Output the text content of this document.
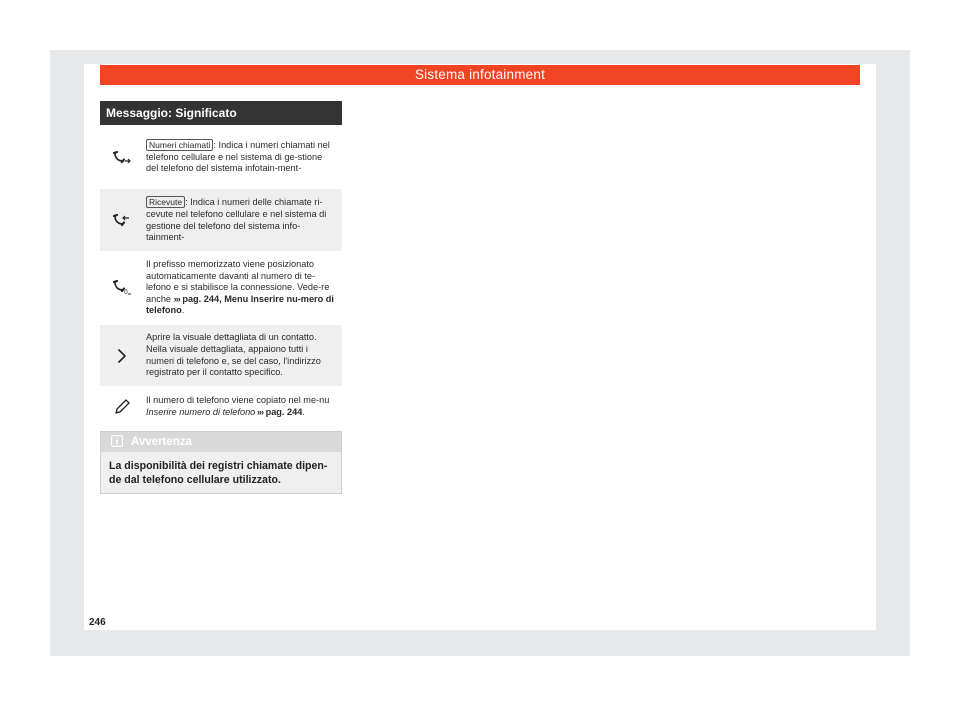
Sistema infotainment
Messaggio: Significato
Numeri chiamati : Indica i numeri chiamati nel telefono cellulare e nel sistema di ge-stione del telefono del sistema infotain-ment-
Ricevute : Indica i numeri delle chiamate ri-cevute nel telefono cellulare e nel sistema di gestione del telefono del sistema info-tainment-
0
Il prefisso memorizzato viene posizionato automaticamente davanti al numero di te-lefono e si stabilisce la connessione. Vede-re anche ››› pag. 244, Menu Inserire nu-mero di telefono.
Aprire la visuale dettagliata di un contatto. Nella visuale dettagliata, appaiono tutti i numeri di telefono e, se del caso, l'indirizzo registrato per il contatto specifico.
Il numero di telefono viene copiato nel me-nu Inserire numero di telefono ››› pag. 244.
Avvertenza
La disponibilità dei registri chiamate dipen-de dal telefono cellulare utilizzato.
246
